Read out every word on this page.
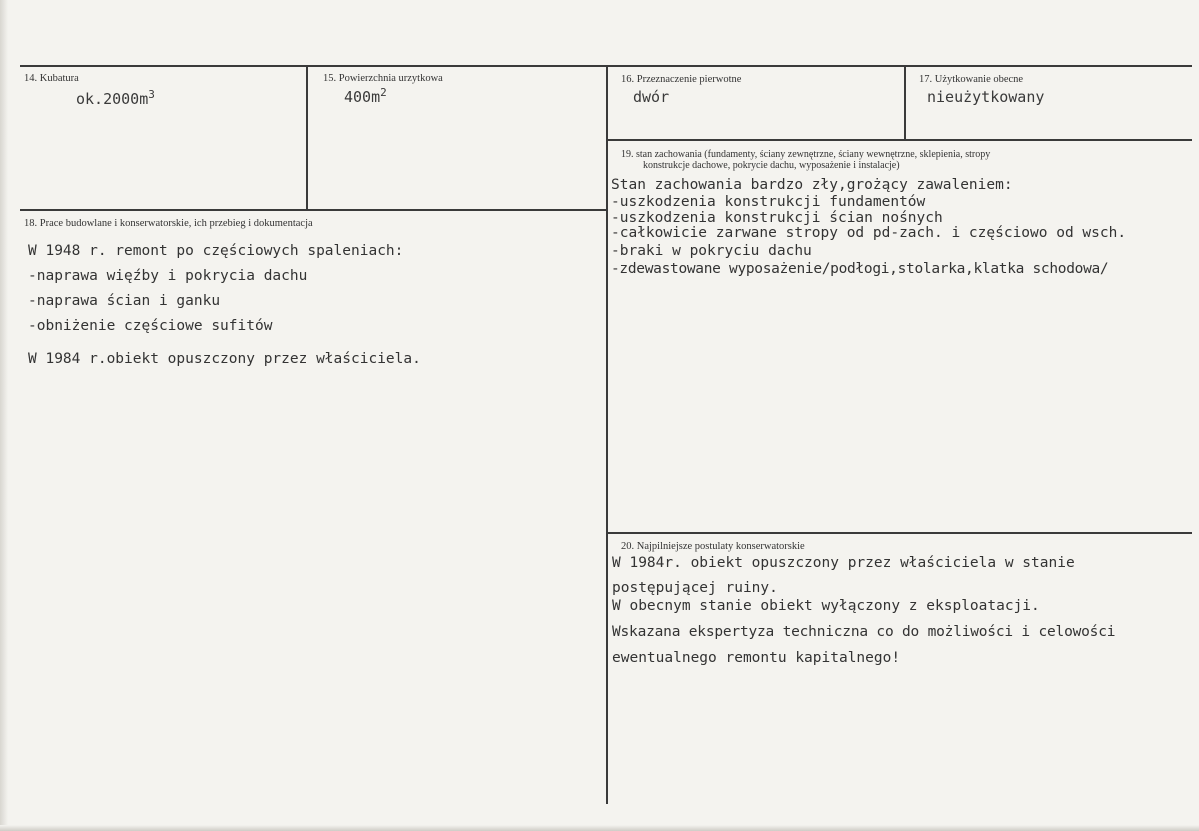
14. Kubatura
$ok.2000m^3$
15. Powierzchnia urzytkowa
$400m^2$
16. Przeznaczenie pierwotne
dwór
17. Użytkowanie obecne
nieużytkowany
18. Prace budowlane i konserwatorskie, ich przebieg i dokumentacja
W 1948 r. remont po częściowych spaleniach:
-naprawa więźby i pokrycia dachu
-naprawa ścian i ganku
-obniżenie częściowe sufitów
W 1984 r.obiekt opuszczony przez właściciela.
19. stan zachowania (fundamenty, ściany zewnętrzne, ściany wewnętrzne, sklepienia, stropy
konstrukcje dachowe, pokrycie dachu, wyposażenie i instalacje)
Stan zachowania bardzo zły,grożący zawaleniem:
-uszkodzenia konstrukcji fundamentów
-uszkodzenia konstrukcji ścian nośnych
-całkowicie zarwane stropy od pd-zach. i częściowo od wsch.
-braki w pokryciu dachu
-zdewastowane wyposażenie/podłogi,stolarka,klatka schodowa/
20. Najpilniejsze postulaty konserwatorskie
W 1984r. obiekt opuszczony przez właściciela w stanie
postępującej ruiny.
W obecnym stanie obiekt wyłączony z eksploatacji.
Wskazana ekspertyza techniczna co do możliwości i celowości
ewentualnego remontu kapitalnego!
